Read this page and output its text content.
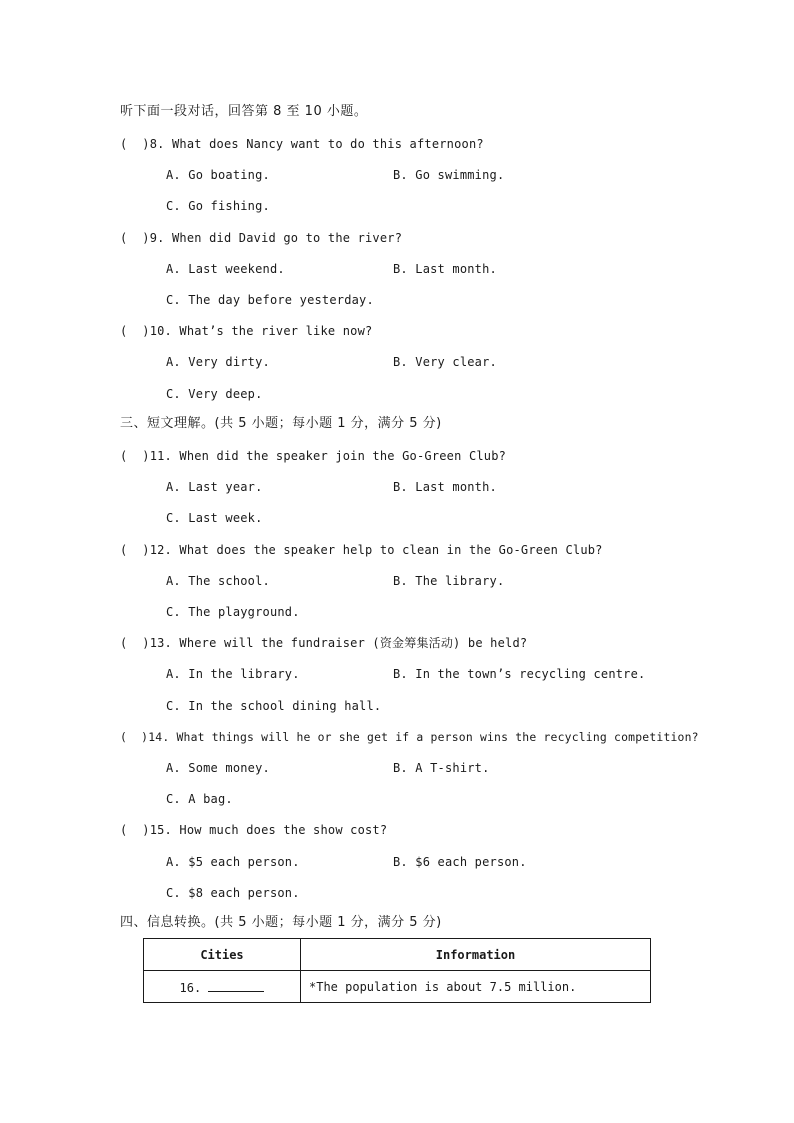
听下面一段对话，回答第 8 至 10 小题。
(  )8. What does Nancy want to do this afternoon?
A. Go boating.	B. Go swimming.
C. Go fishing.
(  )9. When did David go to the river?
A. Last weekend.	B. Last month.
C. The day before yesterday.
(  )10. What’s the river like now?
A. Very dirty.	B. Very clear.
C. Very deep.
三、短文理解。(共 5 小题；每小题 1 分，满分 5 分)
(  )11. When did the speaker join the Go-Green Club?
A. Last year.	B. Last month.
C. Last week.
(  )12. What does the speaker help to clean in the Go-Green Club?
A. The school.	B. The library.
C. The playground.
(  )13. Where will the fundraiser (资金筹集活动) be held?
A. In the library.	B. In the town’s recycling centre.
C. In the school dining hall.
(  )14. What things will he or she get if a person wins the recycling competition?
A. Some money.	B. A T-shirt.
C. A bag.
(  )15. How much does the show cost?
A. $5 each person.	B. $6 each person.
C. $8 each person.
四、信息转换。(共 5 小题；每小题 1 分，满分 5 分)
Cities	Information
16.	*The population is about 7.5 million.
